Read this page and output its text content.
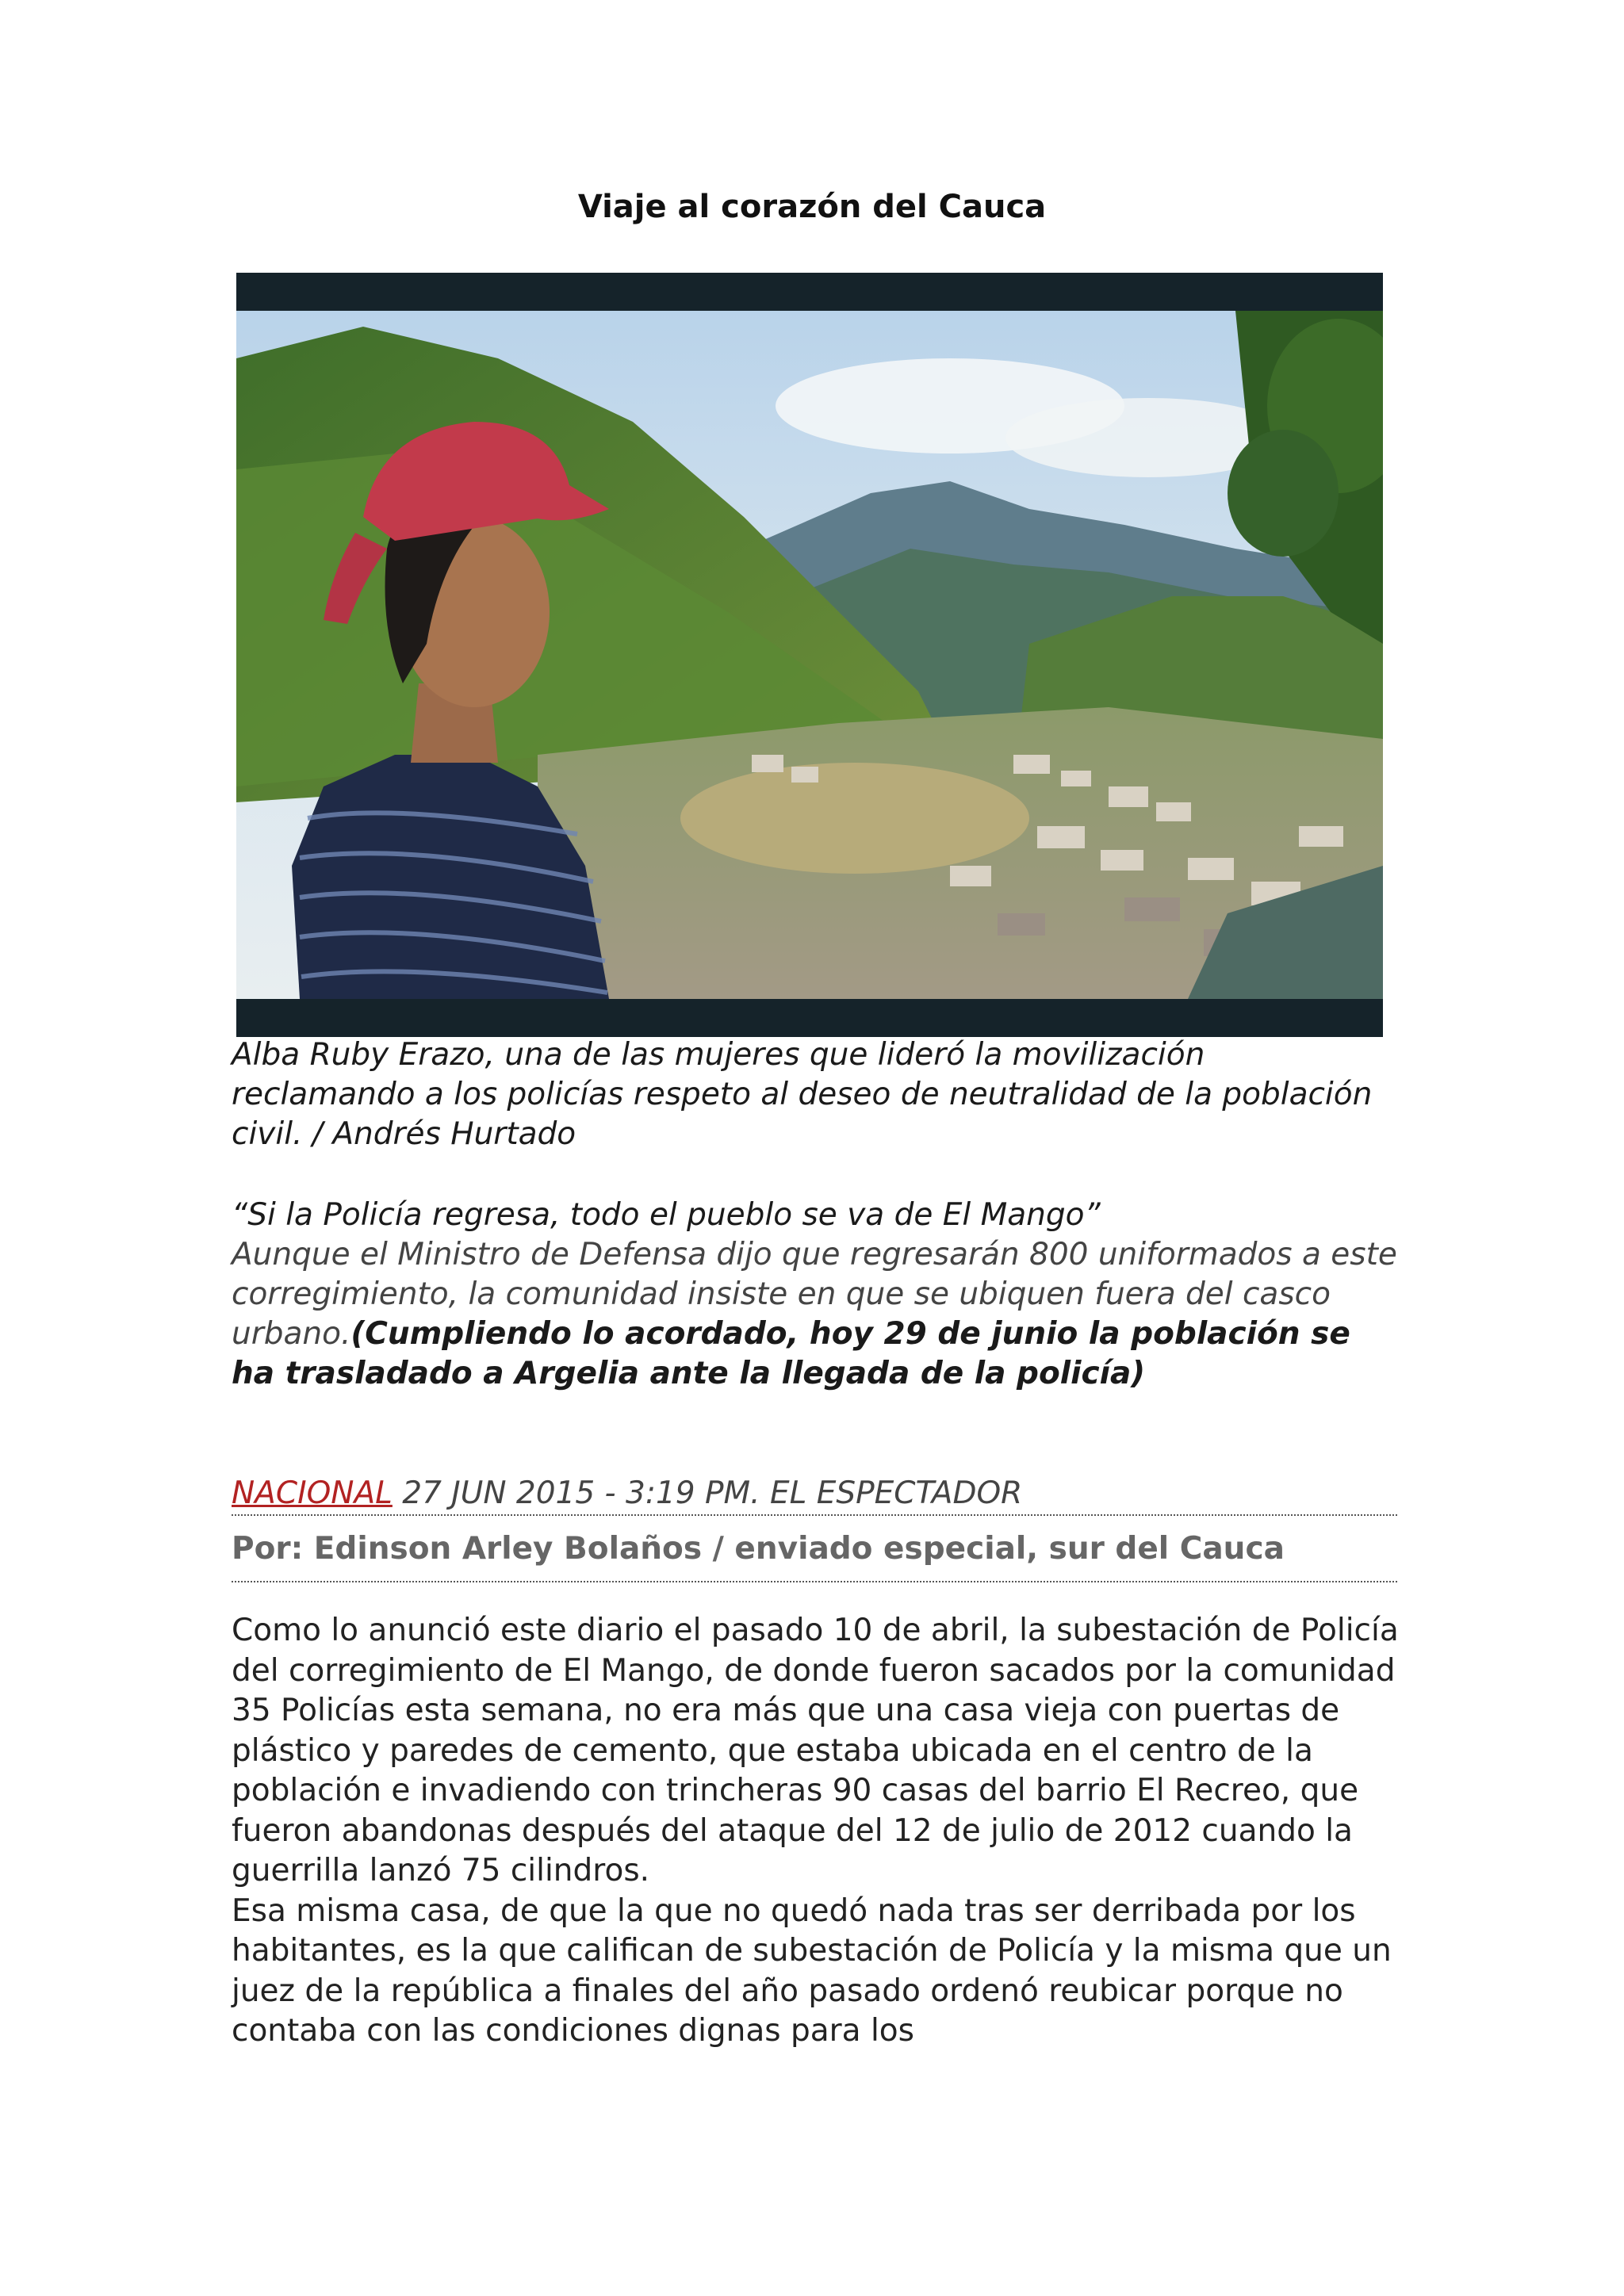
Viaje al corazón del Cauca
Alba Ruby Erazo, una de las mujeres que lideró la movilización reclamando a los policías respeto al deseo de neutralidad de la población civil. / Andrés Hurtado
“Si la Policía regresa, todo el pueblo se va de El Mango”
Aunque el Ministro de Defensa dijo que regresarán 800 uniformados a este corregimiento, la comunidad insiste en que se ubiquen fuera del casco urbano.(Cumpliendo lo acordado, hoy 29 de junio la población se ha trasladado a Argelia ante la llegada de la policía)
NACIONAL 27 JUN 2015 - 3:19 PM. EL ESPECTADOR
Por: Edinson Arley Bolaños / enviado especial, sur del Cauca

Como lo anunció este diario el pasado 10 de abril, la subestación de Policía del corregimiento de El Mango, de donde fueron sacados por la comunidad 35 Policías esta semana, no era más que una casa vieja con puertas de plástico y paredes de cemento, que estaba ubicada en el centro de la población e invadiendo con trincheras 90 casas del barrio El Recreo, que fueron abandonas después del ataque del 12 de julio de 2012 cuando la guerrilla lanzó 75 cilindros.

Esa misma casa, de que la que no quedó nada tras ser derribada por los habitantes, es la que califican de subestación de Policía y la misma que un juez de la república a finales del año pasado ordenó reubicar porque no contaba con las condiciones dignas para los
